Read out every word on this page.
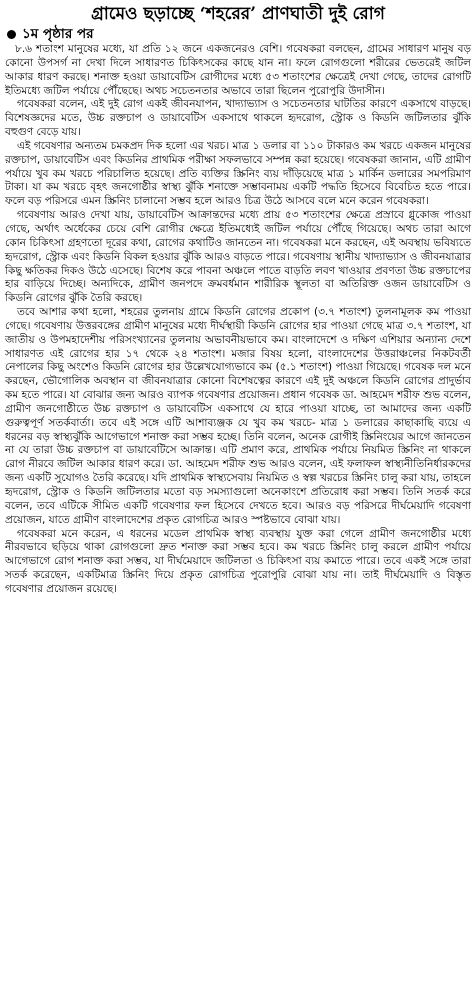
গ্রামেও ছড়াচ্ছে ‘শহরের’ প্রাণঘাতী দুই রোগ
১ম পৃষ্ঠার পর

৮.৬ শতাংশ মানুষের মধ্যে, যা প্রতি ১২ জনে একজনেরও বেশি। গবেষকরা বলছেন, গ্রামের সাধারণ মানুষ বড় কোনো উপসর্গ না দেখা দিলে সাধারণত চিকিৎসকের কাছে যান না। ফলে রোগগুলো শরীরের ভেতরেই জটিল আকার ধারণ করছে। শনাক্ত হওয়া ডায়াবেটিস রোগীদের মধ্যে ৫৩ শতাংশের ক্ষেত্রেই দেখা গেছে, তাদের রোগটি ইতিমধ্যে জটিল পর্যায়ে পৌঁছেছে। অথচ সচেতনতার অভাবে তারা ছিলেন পুরোপুরি উদাসীন।

গবেষকরা বলেন, এই দুই রোগ একই জীবনযাপন, খাদ্যাভ্যাস ও সচেতনতার ঘাটতির কারণে একসাথে বাড়ছে। বিশেষজ্ঞদের মতে, উচ্চ রক্তচাপ ও ডায়াবেটিস একসাথে থাকলে হৃদরোগ, স্ট্রোক ও কিডনি জটিলতার ঝুঁকি বহুগুণ বেড়ে যায়।

এই গবেষণার অন্যতম চমকপ্রদ দিক হলো এর খরচ। মাত্র ১ ডলার বা ১১০ টাকারও কম খরচে একজন মানুষের রক্তচাপ, ডায়াবেটিস এবং কিডনির প্রাথমিক পরীক্ষা সফলভাবে সম্পন্ন করা হয়েছে। গবেষকরা জানান, এটি গ্রামীণ পর্যায়ে খুব কম খরচে পরিচালিত হয়েছে। প্রতি ব্যক্তির স্ক্রিনিং ব্যয় দাঁড়িয়েছে মাত্র ১ মার্কিন ডলারের সমপরিমাণ টাকা। যা কম খরচে বৃহৎ জনগোষ্ঠীর স্বাস্থ্য ঝুঁকি শনাক্তে সম্ভাবনাময় একটি পদ্ধতি হিসেবে বিবেচিত হতে পারে। ফলে বড় পরিসরে এমন স্ক্রিনিং চালানো সম্ভব হলে আরও চিত্র উঠে আসবে বলে মনে করেন গবেষকরা।

গবেষণায় আরও দেখা যায়, ডায়াবেটিস আক্রান্তদের মধ্যে প্রায় ৫৩ শতাংশের ক্ষেত্রে প্রস্রাবে গ্লুকোজ পাওয়া গেছে, অর্থাৎ অর্ধেকের চেয়ে বেশি রোগীর ক্ষেত্রে ইতিমধ্যেই জটিল পর্যায়ে পৌঁছে গিয়েছে। অথচ তারা আগে কোন চিকিৎসা গ্রহণতো দূরের কথা, রোগের কথাটিও জানতেন না। গবেষকরা মনে করছেন, এই অবস্থায় ভবিষ্যতে হৃদরোগ, স্ট্রোক এবং কিডনি বিকল হওয়ার ঝুঁকি আরও বাড়তে পারে। গবেষণায় স্থানীয় খাদ্যাভ্যাস ও জীবনযাত্রার কিছু ক্ষতিকর দিকও উঠে এসেছে। বিশেষ করে পাবনা অঞ্চলে পাতে বাড়তি লবণ খাওয়ার প্রবণতা উচ্চ রক্তচাপের হার বাড়িয়ে দিচ্ছে। অন্যদিকে, গ্রামীণ জনপদে ক্রমবর্ধমান শারীরিক স্থূলতা বা অতিরিক্ত ওজন ডায়াবেটিস ও কিডনি রোগের ঝুঁকি তৈরি করছে।

তবে আশার কথা হলো, শহরের তুলনায় গ্রামে কিডনি রোগের প্রকোপ (৩.৭ শতাংশ) তুলনামূলক কম পাওয়া গেছে। গবেষণায় উত্তরবঙ্গের গ্রামীণ মানুষের মধ্যে দীর্ঘস্থায়ী কিডনি রোগের হার পাওয়া গেছে মাত্র ৩.৭ শতাংশ, যা জাতীয় ও উপমহাদেশীয় পরিসংখ্যানের তুলনায় অভাবনীয়ভাবে কম। বাংলাদেশে ও দক্ষিণ এশিয়ার অন্যান্য দেশে সাধারণত এই রোগের হার ১৭ থেকে ২৪ শতাংশ। মজার বিষয় হলো, বাংলাদেশের উত্তরাঞ্চলের নিকটবর্তী নেপালের কিছু অংশেও কিডনি রোগের হার উল্লেখযোগ্যভাবে কম (৫.১ শতাংশ) পাওয়া গিয়েছে। গবেষক দল মনে করছেন, ভৌগোলিক অবস্থান বা জীবনযাত্রার কোনো বিশেষত্বের কারণে এই দুই অঞ্চলে কিডনি রোগের প্রাদুর্ভাব কম হতে পারে। যা বোঝার জন্য আরও ব্যাপক গবেষণার প্রয়োজন। প্রধান গবেষক ডা. আহমেদ শরীফ শুভ বলেন, গ্রামীণ জনগোষ্ঠীতে উচ্চ রক্তচাপ ও ডায়াবেটিস একসাথে যে হারে পাওয়া যাচ্ছে, তা আমাদের জন্য একটি গুরুত্বপূর্ণ সতর্কবার্তা। তবে এই সঙ্গে এটি আশাব্যঞ্জক যে খুব কম খরচে- মাত্র ১ ডলারের কাছাকাছি ব্যয়ে এ ধরনের বড় স্বাস্থ্যঝুঁকি আগেভাগে শনাক্ত করা সম্ভব হচ্ছে। তিনি বলেন, অনেক রোগীই স্ক্রিনিংয়ের আগে জানতেন না যে তারা উচ্চ রক্তচাপ বা ডায়াবেটিসে আক্রান্ত। এটি প্রমাণ করে, প্রাথমিক পর্যায়ে নিয়মিত স্ক্রিনিং না থাকলে রোগ নীরবে জটিল আকার ধারণ করে। ডা. আহমেদ শরীফ শুভ আরও বলেন, এই ফলাফল স্বাস্থ্যনীতিনির্ধারকদের জন্য একটি সুযোগও তৈরি করেছে। যদি প্রাথমিক স্বাস্থ্যসেবায় নিয়মিত ও স্বল্প খরচের স্ক্রিনিং চালু করা যায়, তাহলে হৃদরোগ, স্ট্রোক ও কিডনি জটিলতার মতো বড় সমস্যাগুলো অনেকাংশে প্রতিরোধ করা সম্ভব। তিনি সতর্ক করে বলেন, তবে এটিকে সীমিত একটি গবেষণার ফল হিসেবে দেখতে হবে। আরও বড় পরিসরে দীর্ঘমেয়াদি গবেষণা প্রয়োজন, যাতে গ্রামীণ বাংলাদেশের প্রকৃত রোগচিত্র আরও স্পষ্টভাবে বোঝা যায়।

গবেষকরা মনে করেন, এ ধরনের মডেল প্রাথমিক স্বাস্থ্য ব্যবস্থায় যুক্ত করা গেলে গ্রামীণ জনগোষ্ঠীর মধ্যে নীরবভাবে ছড়িয়ে থাকা রোগগুলো দ্রুত শনাক্ত করা সম্ভব হবে। কম খরচে স্ক্রিনিং চালু করলে গ্রামীণ পর্যায়ে আগেভাগে রোগ শনাক্ত করা সম্ভব, যা দীর্ঘমেয়াদে জটিলতা ও চিকিৎসা ব্যয় কমাতে পারে। তবে একই সঙ্গে তারা সতর্ক করেছেন, একটিমাত্র স্ক্রিনিং দিয়ে প্রকৃত রোগচিত্র পুরোপুরি বোঝা যায় না। তাই দীর্ঘমেয়াদি ও বিস্তৃত গবেষণার প্রয়োজন রয়েছে।
